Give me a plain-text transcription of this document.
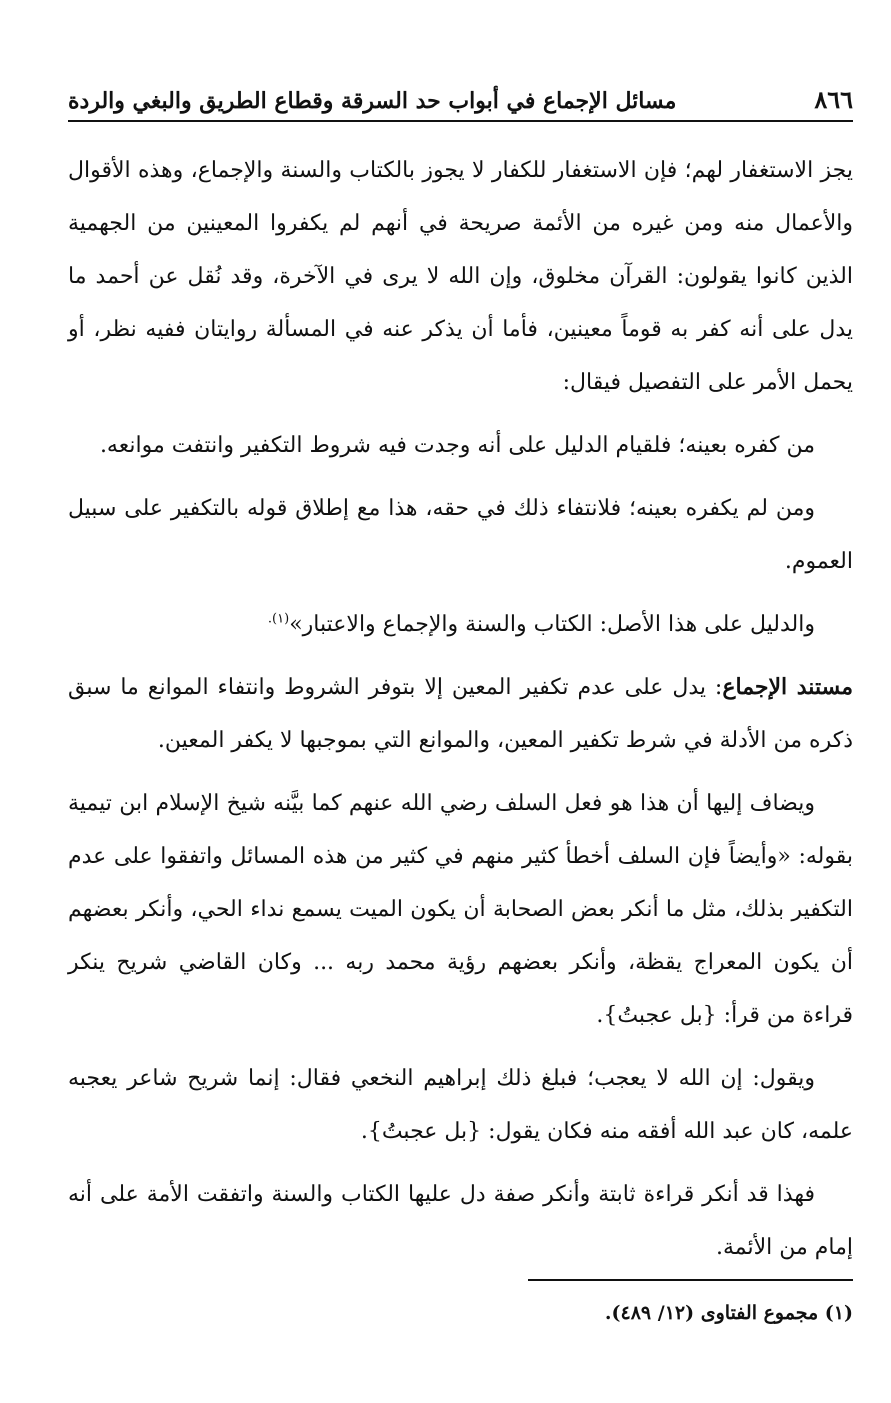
٨٦٦
مسائل الإجماع في أبواب حد السرقة وقطاع الطريق والبغي والردة

يجز الاستغفار لهم؛ فإن الاستغفار للكفار لا يجوز بالكتاب والسنة والإجماع، وهذه الأقوال والأعمال منه ومن غيره من الأئمة صريحة في أنهم لم يكفروا المعينين من الجهمية الذين كانوا يقولون: القرآن مخلوق، وإن الله لا يرى في الآخرة، وقد نُقل عن أحمد ما يدل على أنه كفر به قوماً معينين، فأما أن يذكر عنه في المسألة روايتان ففيه نظر، أو يحمل الأمر على التفصيل فيقال:

من كفره بعينه؛ فلقيام الدليل على أنه وجدت فيه شروط التكفير وانتفت موانعه.

ومن لم يكفره بعينه؛ فلانتفاء ذلك في حقه، هذا مع إطلاق قوله بالتكفير على سبيل العموم.

والدليل على هذا الأصل: الكتاب والسنة والإجماع والاعتبار»$^{(١).}$

مستند الإجماع: يدل على عدم تكفير المعين إلا بتوفر الشروط وانتفاء الموانع ما سبق ذكره من الأدلة في شرط تكفير المعين، والموانع التي بموجبها لا يكفر المعين.

ويضاف إليها أن هذا هو فعل السلف رضي الله عنهم كما بيَّنه شيخ الإسلام ابن تيمية بقوله: «وأيضاً فإن السلف أخطأ كثير منهم في كثير من هذه المسائل واتفقوا على عدم التكفير بذلك، مثل ما أنكر بعض الصحابة أن يكون الميت يسمع نداء الحي، وأنكر بعضهم أن يكون المعراج يقظة، وأنكر بعضهم رؤية محمد ربه ... وكان القاضي شريح ينكر قراءة من قرأ: {بل عجبتُ}.

ويقول: إن الله لا يعجب؛ فبلغ ذلك إبراهيم النخعي فقال: إنما شريح شاعر يعجبه علمه، كان عبد الله أفقه منه فكان يقول: {بل عجبتُ}.

فهذا قد أنكر قراءة ثابتة وأنكر صفة دل عليها الكتاب والسنة واتفقت الأمة على أنه إمام من الأئمة.

(١) مجموع الفتاوى (١٢/ ٤٨٩).
